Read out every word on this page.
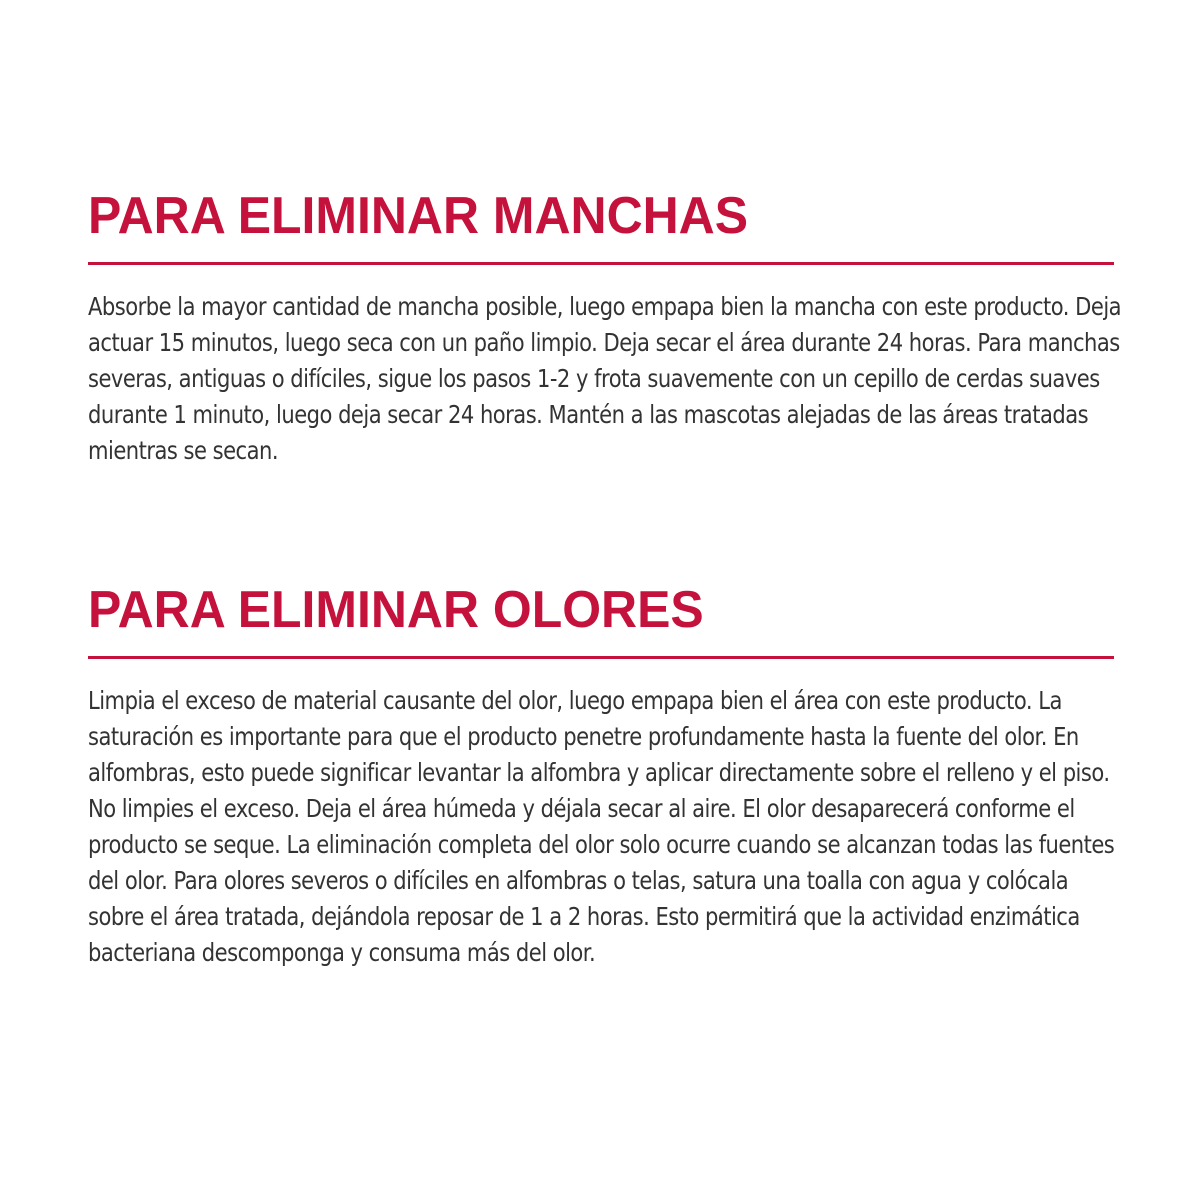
PARA ELIMINAR MANCHAS

Absorbe la mayor cantidad de mancha posible, luego empapa bien la mancha con este producto. Deja actuar 15 minutos, luego seca con un paño limpio. Deja secar el área durante 24 horas. Para manchas severas, antiguas o difíciles, sigue los pasos 1-2 y frota suavemente con un cepillo de cerdas suaves durante 1 minuto, luego deja secar 24 horas. Mantén a las mascotas alejadas de las áreas tratadas mientras se secan.

PARA ELIMINAR OLORES

Limpia el exceso de material causante del olor, luego empapa bien el área con este producto. La saturación es importante para que el producto penetre profundamente hasta la fuente del olor. En alfombras, esto puede significar levantar la alfombra y aplicar directamente sobre el relleno y el piso. No limpies el exceso. Deja el área húmeda y déjala secar al aire. El olor desaparecerá conforme el producto se seque. La eliminación completa del olor solo ocurre cuando se alcanzan todas las fuentes del olor. Para olores severos o difíciles en alfombras o telas, satura una toalla con agua y colócala sobre el área tratada, dejándola reposar de 1 a 2 horas. Esto permitirá que la actividad enzimática bacteriana descomponga y consuma más del olor.
